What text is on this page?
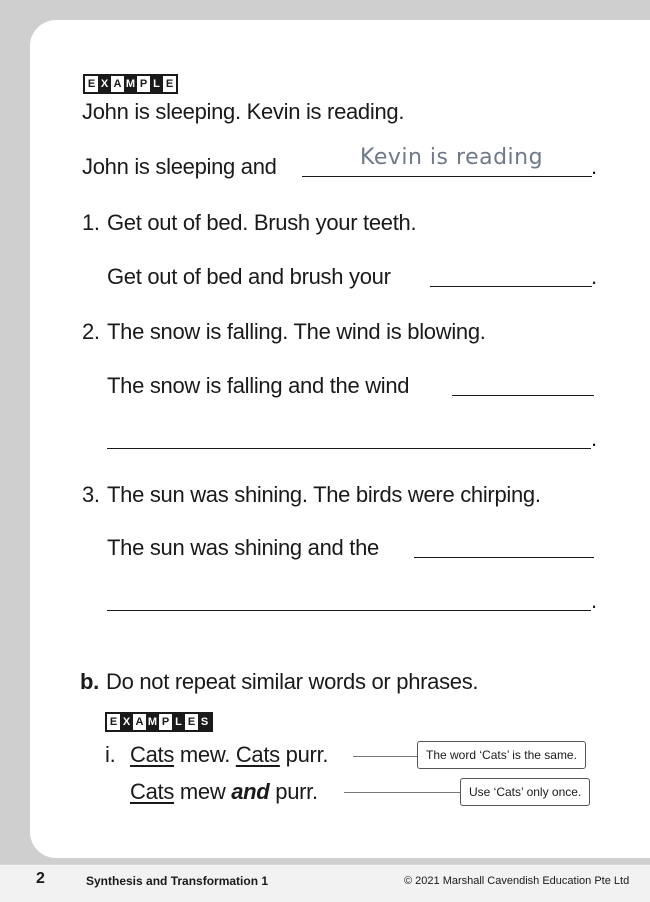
E X A M P L E
John is sleeping. Kevin is reading.
John is sleeping and	Kevin is reading .
1. Get out of bed. Brush your teeth.
Get out of bed and brush your	.
2. The snow is falling. The wind is blowing.
The snow is falling and the wind
.
3. The sun was shining. The birds were chirping.
The sun was shining and the
.
b. Do not repeat similar words or phrases.
E X A M P L E S
i. Cats mew. Cats purr.	The word ‘Cats’ is the same.
Cats mew and purr.	Use ‘Cats’ only once.
2	Synthesis and Transformation 1	© 2021 Marshall Cavendish Education Pte Ltd
